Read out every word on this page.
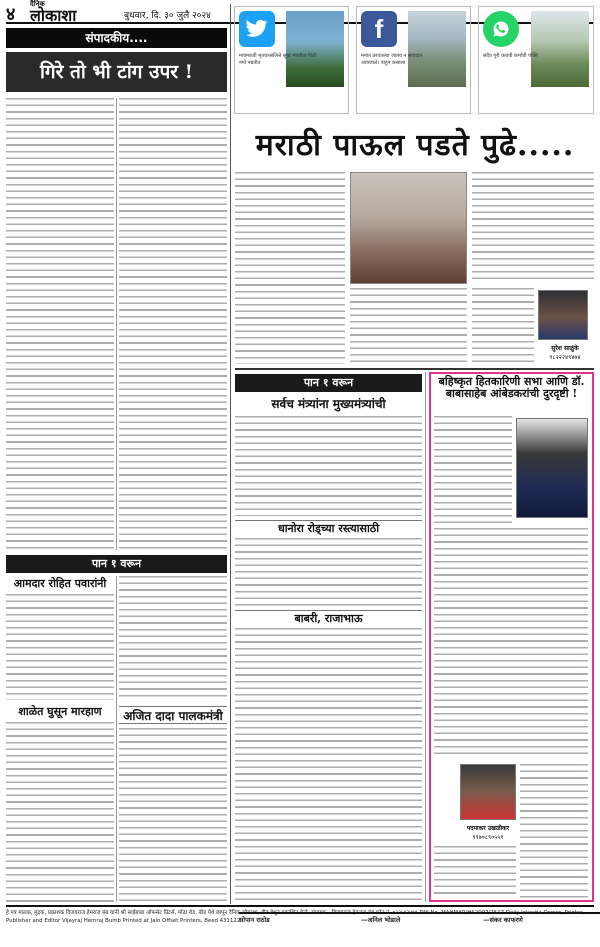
४
दैनिक
लोकाशा	बुधवार, दि. ३० जुलै २०२४
संपादकीय....
गिरे तो भी टांग उपर !
पान १ वरून
आमदार रोहित पवारांनी
शाळेत घुसून मारहाण	अजित दादा पालकमंत्री
मायमराठी मृतवतसलित्ते सुख भवतीता विटो नमो नम्रतीत
सोपान राठोड
f
मनात ठरवतल्या जातंय न सावदात आयजाले। वाहून कसाला
—अनिल भोडाले
सदैव गुरी करावी कर्माची पंक्ति
—संकर काफरणे
मराठी पाऊल पडते पुढे.....
सुरेश साळुंके
९८२२२४९४७४
पान १ वरून
सर्वच मंत्र्यांना मुख्यमंत्र्यांची
धानोरा रोड्च्या रस्त्यासाठी
बाबरी, राजाभाऊ
बहिष्कृत हितकारिणी सभा आणि डॉ. बाबासाहेब आंबेडकरांची दुरदृष्टी !
पदमाकर उखळीकर
९९७०८९०५५१
हे पत्र मालक, मुद्रक, प्रकाशक विजयराज हेमराज बंब यांनी श्री साईबाबा ऑफसेट प्रिंटर्स, मोंढा रोड, बीड येथे छापून दैनिक लोकाशा, बीड येथून प्रकाशित केले. संपादक - विजयराज हेमराज बंब फोन नं. ०२२५९२४९१ RNI No. MAHMAR/HS2007/2517 Daily lokasha Owner, Printer, Publisher and Editor Vijayraj Hemraj Bumb Printed at Jain Offset Printers, Beed 431122.
